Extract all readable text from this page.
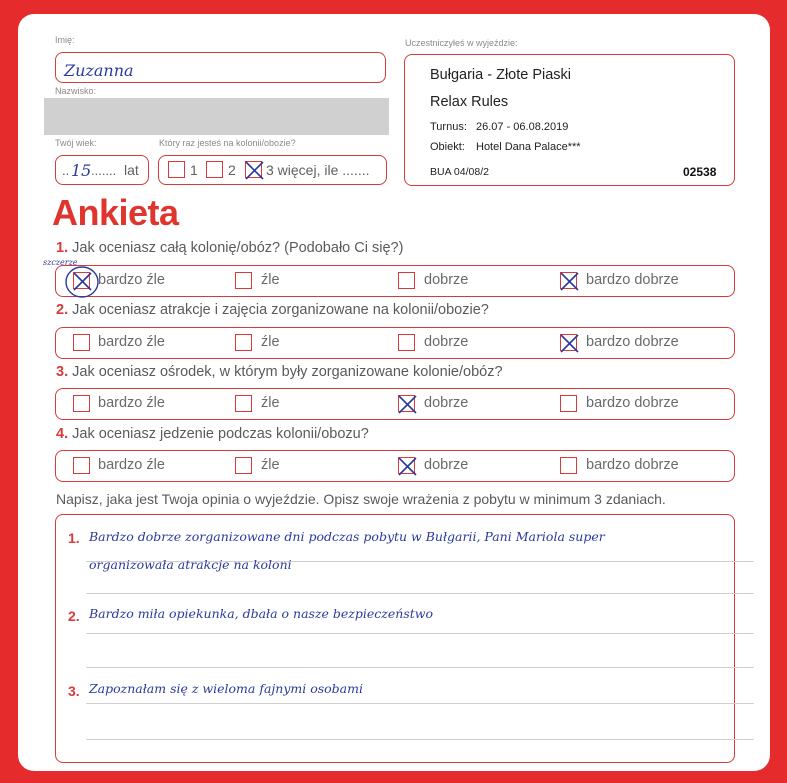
Imię:
Zuzanna
Nazwisko:
Twój wiek:
.. 15 ....... lat
Który raz jesteś na kolonii/obozie?
1 2 3 więcej, ile .......
Uczestniczyłeś w wyjeździe:
Bułgaria - Złote Piaski
Relax Rules
Turnus: 26.07 - 06.08.2019
Obiekt: Hotel Dana Palace***
BUA 04/08/2	02538
Ankieta
1. Jak oceniasz całą kolonię/obóz? (Podobało Ci się?)
szczerze
bardzo źle	źle	dobrze	bardzo dobrze
2. Jak oceniasz atrakcje i zajęcia zorganizowane na kolonii/obozie?
bardzo źle	źle	dobrze	bardzo dobrze
3. Jak oceniasz ośrodek, w którym były zorganizowane kolonie/obóz?
bardzo źle	źle	dobrze	bardzo dobrze
4. Jak oceniasz jedzenie podczas kolonii/obozu?
bardzo źle	źle	dobrze	bardzo dobrze
Napisz, jaka jest Twoja opinia o wyjeździe. Opisz swoje wrażenia z pobytu w minimum 3 zdaniach.
1. Bardzo dobrze zorganizowane dni podczas pobytu w Bułgarii, Pani Mariola super
organizowała atrakcje na koloni
2. Bardzo miła opiekunka, dbała o nasze bezpieczeństwo
3. Zapoznałam się z wieloma fajnymi osobami
